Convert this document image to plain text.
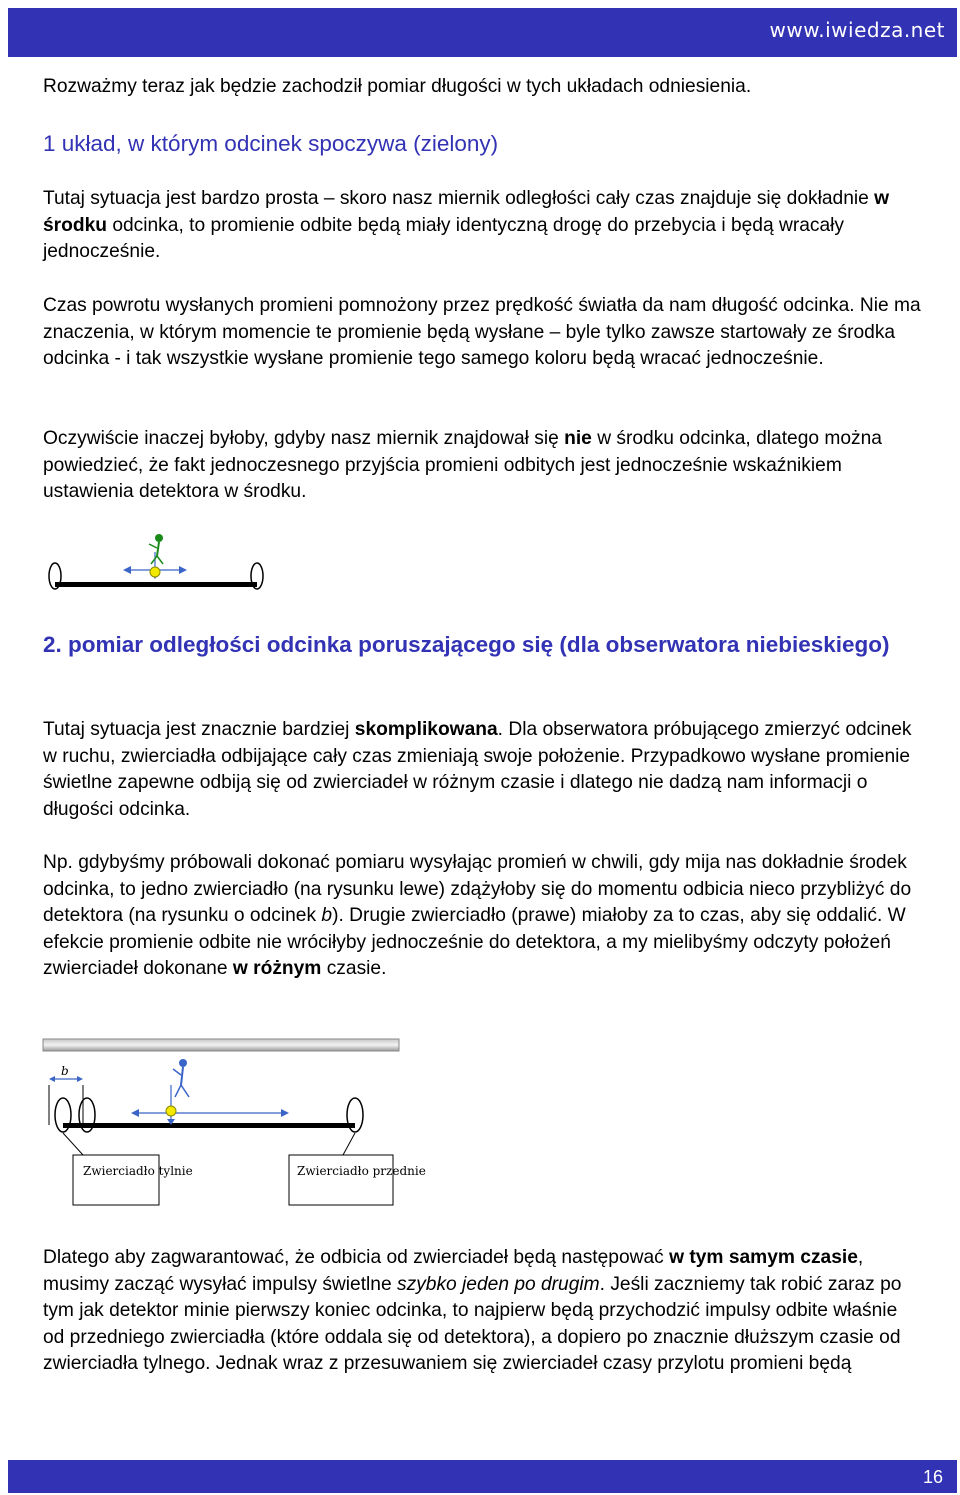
www.iwiedza.net

Rozważmy teraz jak będzie zachodził pomiar długości w tych układach odniesienia.

1 układ, w którym odcinek spoczywa (zielony)

Tutaj sytuacja jest bardzo prosta – skoro nasz miernik odległości cały czas znajduje się dokładnie w środku odcinka, to promienie odbite będą miały identyczną drogę do przebycia i będą wracały jednocześnie.

Czas powrotu wysłanych promieni pomnożony przez prędkość światła da nam długość odcinka. Nie ma znaczenia, w którym momencie te promienie będą wysłane – byle tylko zawsze startowały ze środka odcinka - i tak wszystkie wysłane promienie tego samego koloru będą wracać jednocześnie.

Oczywiście inaczej byłoby, gdyby nasz miernik znajdował się nie w środku odcinka, dlatego można powiedzieć, że fakt jednoczesnego przyjścia promieni odbitych jest jednocześnie wskaźnikiem ustawienia detektora w środku.

2. pomiar odległości odcinka poruszającego się (dla obserwatora niebieskiego)

Tutaj sytuacja jest znacznie bardziej skomplikowana. Dla obserwatora próbującego zmierzyć odcinek w ruchu, zwierciadła odbijające cały czas zmieniają swoje położenie. Przypadkowo wysłane promienie świetlne zapewne odbiją się od zwierciadeł w różnym czasie i dlatego nie dadzą nam informacji o długości odcinka.

Np. gdybyśmy próbowali dokonać pomiaru wysyłając promień w chwili, gdy mija nas dokładnie środek odcinka, to jedno zwierciadło (na rysunku lewe) zdążyłoby się do momentu odbicia nieco przybliżyć do detektora (na rysunku o odcinek b). Drugie zwierciadło (prawe) miałoby za to czas, aby się oddalić. W efekcie promienie odbite nie wróciłyby jednocześnie do detektora, a my mielibyśmy odczyty położeń zwierciadeł dokonane w różnym czasie.

Dlatego aby zagwarantować, że odbicia od zwierciadeł będą następować w tym samym czasie, musimy zacząć wysyłać impulsy świetlne szybko jeden po drugim. Jeśli zaczniemy tak robić zaraz po tym jak detektor minie pierwszy koniec odcinka, to najpierw będą przychodzić impulsy odbite właśnie od przedniego zwierciadła (które oddala się od detektora), a dopiero po znacznie dłuższym czasie od zwierciadła tylnego. Jednak wraz z przesuwaniem się zwierciadeł czasy przylotu promieni będą

b
Zwierciadło tylnie	Zwierciadło przednie
16
